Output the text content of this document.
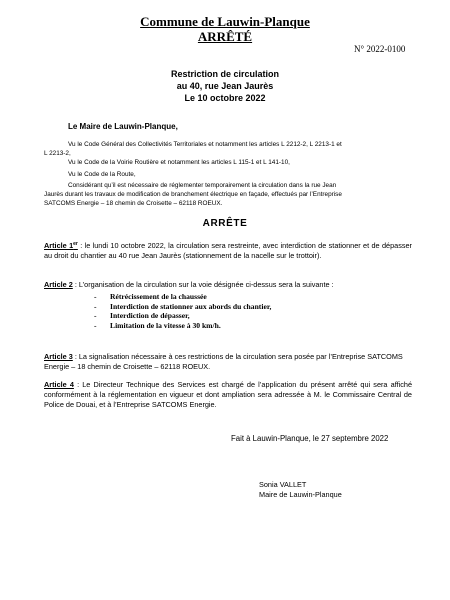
Commune de Lauwin-Planque
ARRÊTÉ
N° 2022-0100
Restriction de circulation
au 40, rue Jean Jaurès
Le 10 octobre 2022
Le Maire de Lauwin-Planque,
Vu le Code Général des Collectivités Territoriales et notamment les articles L 2212-2, L 2213-1 et
L 2213-2,
Vu le Code de la Voirie Routière et notamment les articles L 115-1 et L 141-10,
Vu le Code de la Route,
Considérant qu’il est nécessaire de réglementer temporairement la circulation dans la rue Jean
Jaurès durant les travaux de modification de branchement électrique en façade, effectués par l’Entreprise
SATCOMS Energie – 18 chemin de Croisette – 62118 ROEUX.
ARRÊTE
Article 1er : le lundi 10 octobre 2022, la circulation sera restreinte, avec interdiction de stationner et de dépasser au droit du chantier au 40 rue Jean Jaurès (stationnement de la nacelle sur le trottoir).
Article 2 : L’organisation de la circulation sur la voie désignée ci-dessus sera la suivante :
- Rétrécissement de la chaussée
- Interdiction de stationner aux abords du chantier,
- Interdiction de dépasser,
- Limitation de la vitesse à 30 km/h.
Article 3 : La signalisation nécessaire à ces restrictions de la circulation sera posée par l’Entreprise SATCOMS Energie – 18 chemin de Croisette – 62118 ROEUX.
Article 4 : Le Directeur Technique des Services est chargé de l’application du présent arrêté qui sera affiché conformément à la réglementation en vigueur et dont ampliation sera adressée à M. le Commissaire Central de Police de Douai, et à l’Entreprise SATCOMS Energie.
Fait à Lauwin-Planque, le 27 septembre 2022
Sonia VALLET
Maire de Lauwin-Planque
